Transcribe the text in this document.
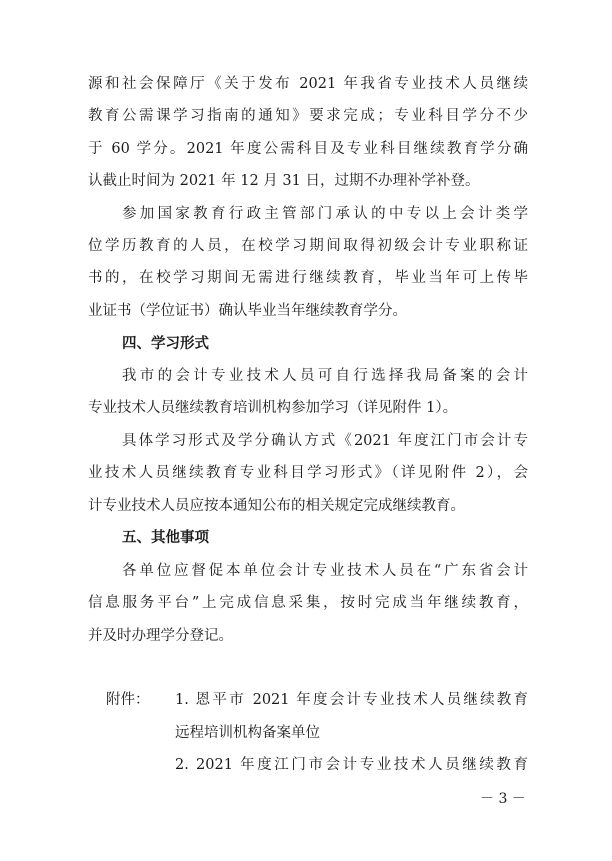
源和社会保障厅《关于发布 2021 年我省专业技术人员继续
教育公需课学习指南的通知》要求完成；专业科目学分不少
于 60 学分。2021 年度公需科目及专业科目继续教育学分确
认截止时间为 2021 年 12 月 31 日，过期不办理补学补登。
参加国家教育行政主管部门承认的中专以上会计类学
位学历教育的人员，在校学习期间取得初级会计专业职称证
书的，在校学习期间无需进行继续教育，毕业当年可上传毕
业证书（学位证书）确认毕业当年继续教育学分。
四、学习形式
我市的会计专业技术人员可自行选择我局备案的会计
专业技术人员继续教育培训机构参加学习（详见附件 1）。
具体学习形式及学分确认方式《2021 年度江门市会计专
业技术人员继续教育专业科目学习形式》（详见附件 2），会
计专业技术人员应按本通知公布的相关规定完成继续教育。
五、其他事项
各单位应督促本单位会计专业技术人员在“广东省会计
信息服务平台”上完成信息采集，按时完成当年继续教育，
并及时办理学分登记。
附件： 1. 恩平市 2021 年度会计专业技术人员继续教育
远程培训机构备案单位
2. 2021 年度江门市会计专业技术人员继续教育
－ 3 －
